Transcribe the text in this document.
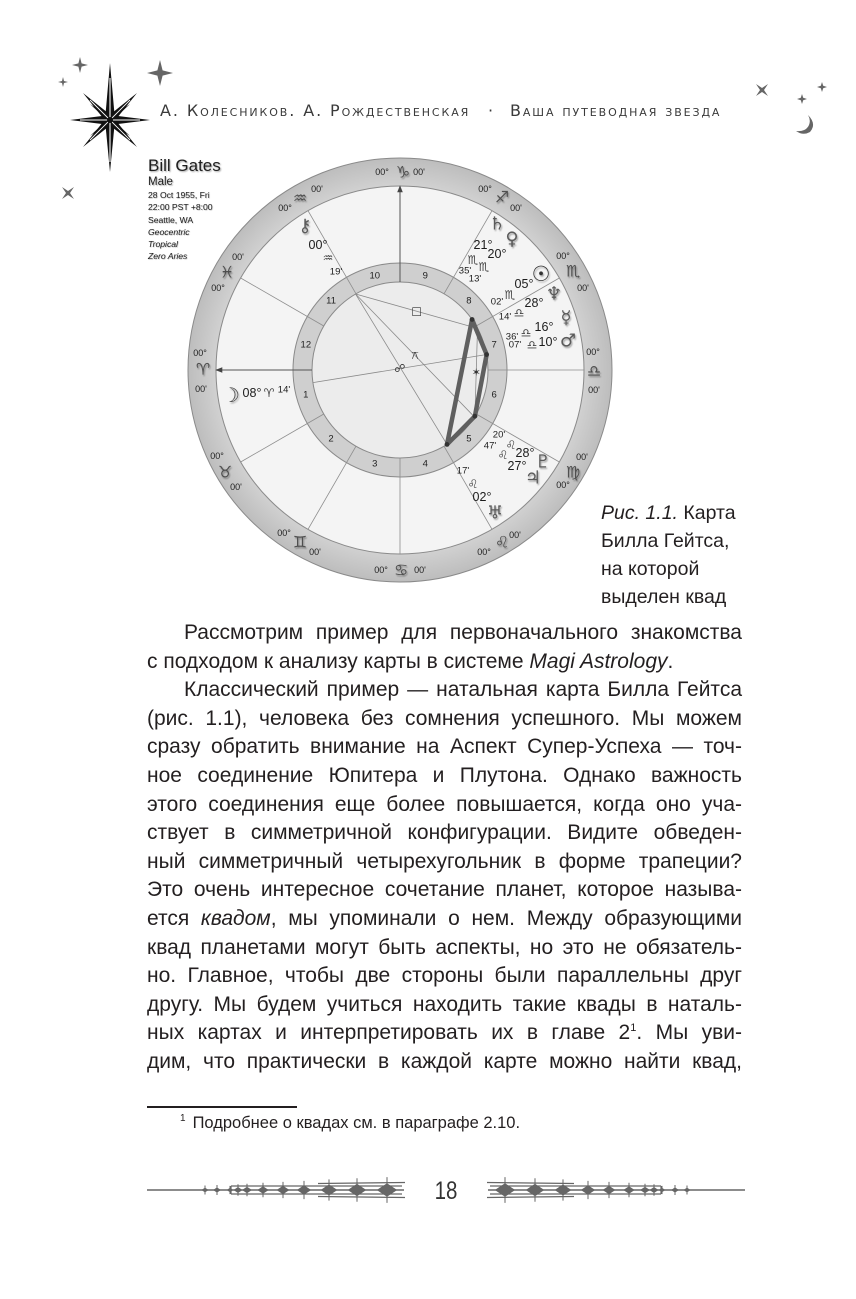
А. Колесников. А. Рождественская · Ваша путеводная звезда
1
2
3	4
5
6
7
8
9
10
11
12
☍
□
⚻
✶
♈︎
00°
00'
♉︎
00°
00'
♊︎
00°
00'
♋︎
00°	00'
♌︎
00°
00'
♍︎
00°
00'
♎︎
00°
00'
♏︎
00°
00'
♐︎
00°
00'
♑︎
00°	00'
♒︎
00°
00'
♓︎
00°
00'
☽ 08° ♈︎ 14'
⚷
00°
♒︎
19'
♄
21°
♏︎
35'
♀
20°
♏︎
13' ☉
05°
♏︎
02' ♆
28°
♎︎
14'	☿
16°
♎︎
36' ♂
10°
♎︎
07'
♇
28°
♌︎
20'
♃
27°
♌︎
47'
♅
02°
♌︎
17'
Bill Gates
Male
28 Oct 1955, Fri
22:00 PST +8:00
Seattle, WA
Geocentric
Tropical
Zero Aries
Рис. 1.1. Карта
Билла Гейтса,
на которой
выделен квад
Рассмотрим пример для первоначального знакомства
с подходом к анализу карты в системе Magi Astrology.
Классический пример — натальная карта Билла Гейтса
(рис. 1.1), человека без сомнения успешного. Мы можем
сразу обратить внимание на Аспект Супер-Успеха — точ-
ное соединение Юпитера и Плутона. Однако важность
этого соединения еще более повышается, когда оно уча-
ствует в симметричной конфигурации. Видите обведен-
ный симметричный четырехугольник в форме трапеции?
Это очень интересное сочетание планет, которое называ-
ется квадом, мы упоминали о нем. Между образующими
квад планетами могут быть аспекты, но это не обязатель-
но. Главное, чтобы две стороны были параллельны друг
другу. Мы будем учиться находить такие квады в наталь-
ных картах и интерпретировать их в главе $2^1$. Мы уви-
дим, что практически в каждой карте можно найти квад,
$^1$ Подробнее о квадах см. в параграфе 2.10.
18
